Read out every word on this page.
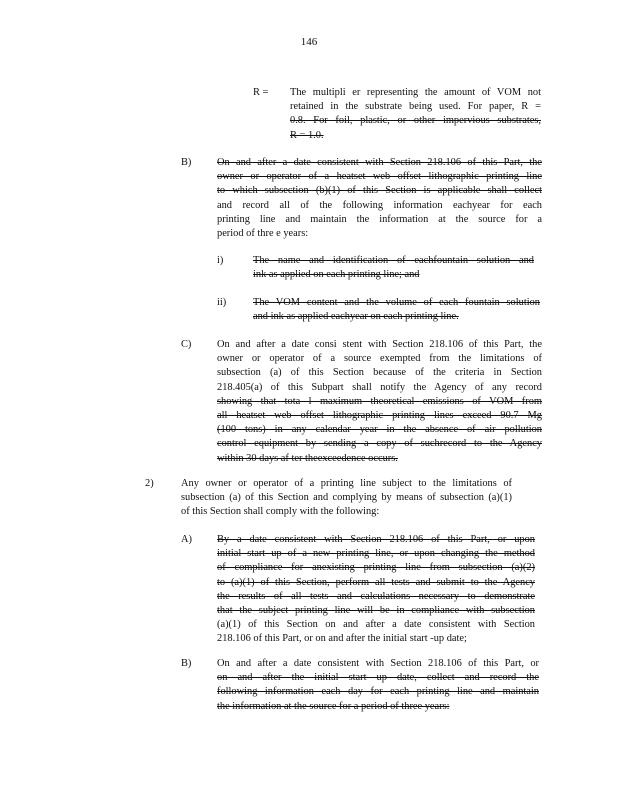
146
R = The multipli er representing the amount of VOM not
retained in the substrate being used. For paper, R =
0.8. For foil, plastic, or other impervious substrates,
R = 1.0.
B) On and after a date consistent with Section 218.106 of this Part, the
owner or operator of a heatset web offset lithographic printing line
to which subsection (b)(1) of this Section is applicable shall collect
and record all of the following information eachyear for each
printing line and maintain the information at the source for a
period of thre e years:
i)	The name and identification of eachfountain solution and
ink as applied on each printing line; and
ii)	The VOM content and the volume of each fountain solution
and ink as applied eachyear on each printing line.
C) On and after a date consi stent with Section 218.106 of this Part, the
owner or operator of a source exempted from the limitations of
subsection (a) of this Section because of the criteria in Section
218.405(a) of this Subpart shall notify the Agency of any record
showing that tota l maximum theoretical emissions of VOM from
all heatset web offset lithographic printing lines exceed 90.7 Mg
(100 tons) in any calendar year in the absence of air pollution
control equipment by sending a copy of suchrecord to the Agency
within 30 days af ter theexceedence occurs.
2)	Any owner or operator of a printing line subject to the limitations of
subsection (a) of this Section and complying by means of subsection (a)(1)
of this Section shall comply with the following:
A) By a date consistent with Section 218.106 of this Part, or upon
initial start up of a new printing line, or upon changing the method
of compliance for anexisting printing line from subsection (a)(2)
to (a)(1) of this Section, perform all tests and submit to the Agency
the results of all tests and calculations necessary to demonstrate
that the subject printing line will be in compliance with subsection
(a)(1) of this Section on and after a date consistent with Section
218.106 of this Part, or on and after the initial start -up date;
B) On and after a date consistent with Section 218.106 of this Part, or
on and after the initial start up date, collect and record the
following information each day for each printing line and maintain
the information at the source for a period of three years:
